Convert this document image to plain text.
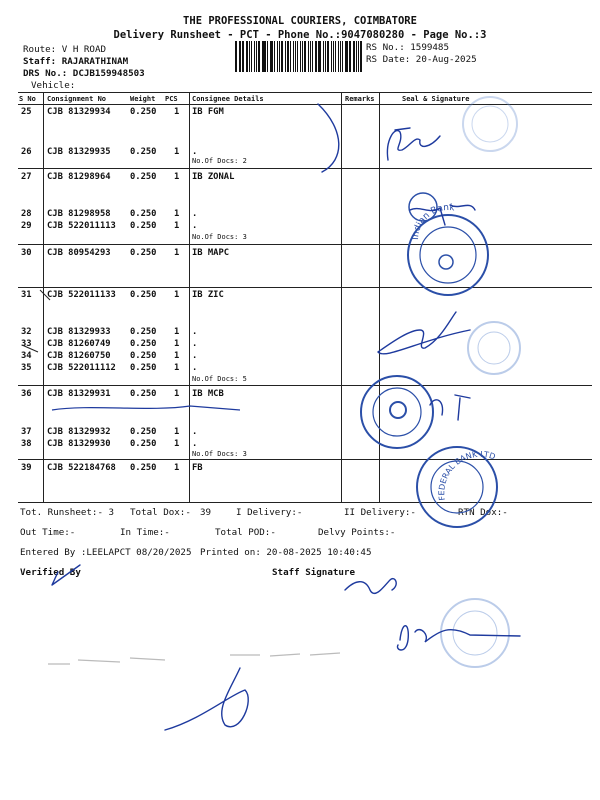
THE PROFESSIONAL COURIERS, COIMBATORE
Delivery Runsheet - PCT - Phone No.:9047080280 - Page No.:3
Route: V H ROAD
Staff: RAJARATHINAM
DRS No.: DCJB159948503
Vehicle:
RS No.: 1599485
RS Date: 20-Aug-2025
S No Consignment No	Weight PCS Consignee Details	Remarks	Seal & Signature
25 CJB 81329934 0.250 1 IB FGM
26 CJB 81329935 0.250 1 .
27 CJB 81298964 0.250 1 IB ZONAL
28 CJB 81298958 0.250 1 .
29 CJB 522011113 0.250 1 .
30 CJB 80954293 0.250 1 IB MAPC
31 CJB 522011133 0.250 1 IB ZIC
32 CJB 81329933 0.250 1 .
33 CJB 81260749 0.250 1 .
34 CJB 81260750 0.250 1 .
35 CJB 522011112 0.250 1 .
36 CJB 81329931 0.250 1 IB MCB
37 CJB 81329932 0.250 1 .
38 CJB 81329930 0.250 1 .
39 CJB 522184768 0.250 1 FB
No.Of Docs: 2
No.Of Docs: 3
No.Of Docs: 5
No.Of Docs: 3
Tot. Runsheet:- 3 Total Dox:- 39	I Delivery:-	II Delivery:-	RTN Dox:-
Out Time:-	In Time:-	Total POD:-	Delvy Points:-
Entered By :LEELAPCT 08/20/2025 Printed on: 20-08-2025 10:40:45
Verified By	Staff Signature
Indian Bank
FEDERAL BANK LTD
